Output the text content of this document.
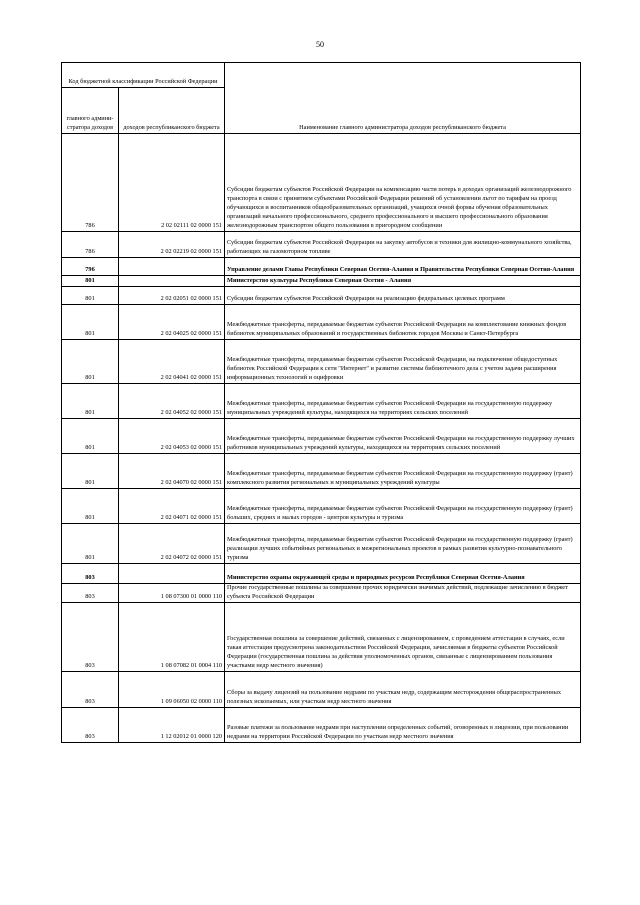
50
Код бюджетной классификации Российской Федерации		Наименование главного администратора доходов республиканского бюджета
главного админи-стратора доходов	доходов республиканского бюджета	
786	2 02 02111 02 0000 151	Субсидии бюджетам субъектов Российской Федерации на компенсацию части потерь в доходах организаций железнодорожного транспорта в связи с принятием субъектами Российской Федерации решений об установлении льгот по тарифам на проезд обучающихся и воспитанников общеобразовательных организаций, учащихся очной формы обучения образовательных организаций начального профессионального, среднего профессионального и высшего профессионального образования железнодорожным транспортом общего пользования в пригородном сообщении
786	2 02 02219 02 0000 151	Субсидии бюджетам субъектов Российской Федерации на закупку автобусов и техники для жилищно-коммунального хозяйства, работающих на газомоторном топливе
796		Управление делами Главы Республики Северная Осетия-Алания и Правительства Республики Северная Осетия-Алания
801		Министерство культуры Республики Северная Осетия - Алания
801	2 02 02051 02 0000 151	Субсидии бюджетам субъектов Российской Федерации на реализацию федеральных целевых программ
801	2 02 04025 02 0000 151	Межбюджетные трансферты, передаваемые бюджетам субъектов Российской Федерации на комплектование книжных фондов библиотек муниципальных образований и государственных библиотек городов Москвы и Санкт-Петербурга
801	2 02 04041 02 0000 151	Межбюджетные трансферты, передаваемые бюджетам субъектов Российской Федерации, на подключение общедоступных библиотек Российской Федерации к сети "Интернет" и развитие системы библиотечного дела с учетом задачи расширения информационных технологий и оцифровки
801	2 02 04052 02 0000 151	Межбюджетные трансферты, передаваемые бюджетам субъектов Российской Федерации на государственную поддержку муниципальных учреждений культуры, находящихся на территориях сельских поселений
801	2 02 04053 02 0000 151	Межбюджетные трансферты, передаваемые бюджетам субъектов Российской Федерации на государственную поддержку лучших работников муниципальных учреждений культуры, находящихся на территориях сельских поселений
801	2 02 04070 02 0000 151	Межбюджетные трансферты, передаваемые бюджетам субъектов Российской Федерации на государственную поддержку (грант) комплексного развития региональных и муниципальных учреждений культуры
801	2 02 04071 02 0000 151	Межбюджетные трансферты, передаваемые бюджетам субъектов Российской Федерации на государственную поддержку (грант) больших, средних и малых городов - центров культуры и туризма
801	2 02 04072 02 0000 151	Межбюджетные трансферты, передаваемые бюджетам субъектов Российской Федерации на государственную поддержку (грант) реализации лучших событийных региональных и межрегиональных проектов в рамках развития культурно-познавательного туризма
803		Министерство охраны окружающей среды и природных ресурсов Республики Северная Осетия-Алания
803	1 08 07300 01 0000 110	Прочие государственные пошлины за совершение прочих юридически значимых действий, подлежащие зачислению в бюджет субъекта Российской Федерации
803	1 08 07082 01 0004 110	Государственная пошлина за совершение действий, связанных с лицензированием, с проведением аттестации в случаях, если такая аттестация предусмотрена законодательством Российской Федерации, зачисляемая в бюджеты субъектов Российской Федерации (государственная пошлина за действия уполномоченных органов, связанные с лицензированием пользования участками недр местного значения)
803	1 09 06050 02 0000 110	Сборы за выдачу лицензий на пользование недрами по участкам недр, содержащим месторождения общераспространенных полезных ископаемых, или участкам недр местного значения
803	1 12 02012 01 0000 120	Разовые платежи за пользование недрами при наступлении определенных событий, оговоренных в лицензии, при пользовании недрами на территории Российской Федерации по участкам недр местного значения
